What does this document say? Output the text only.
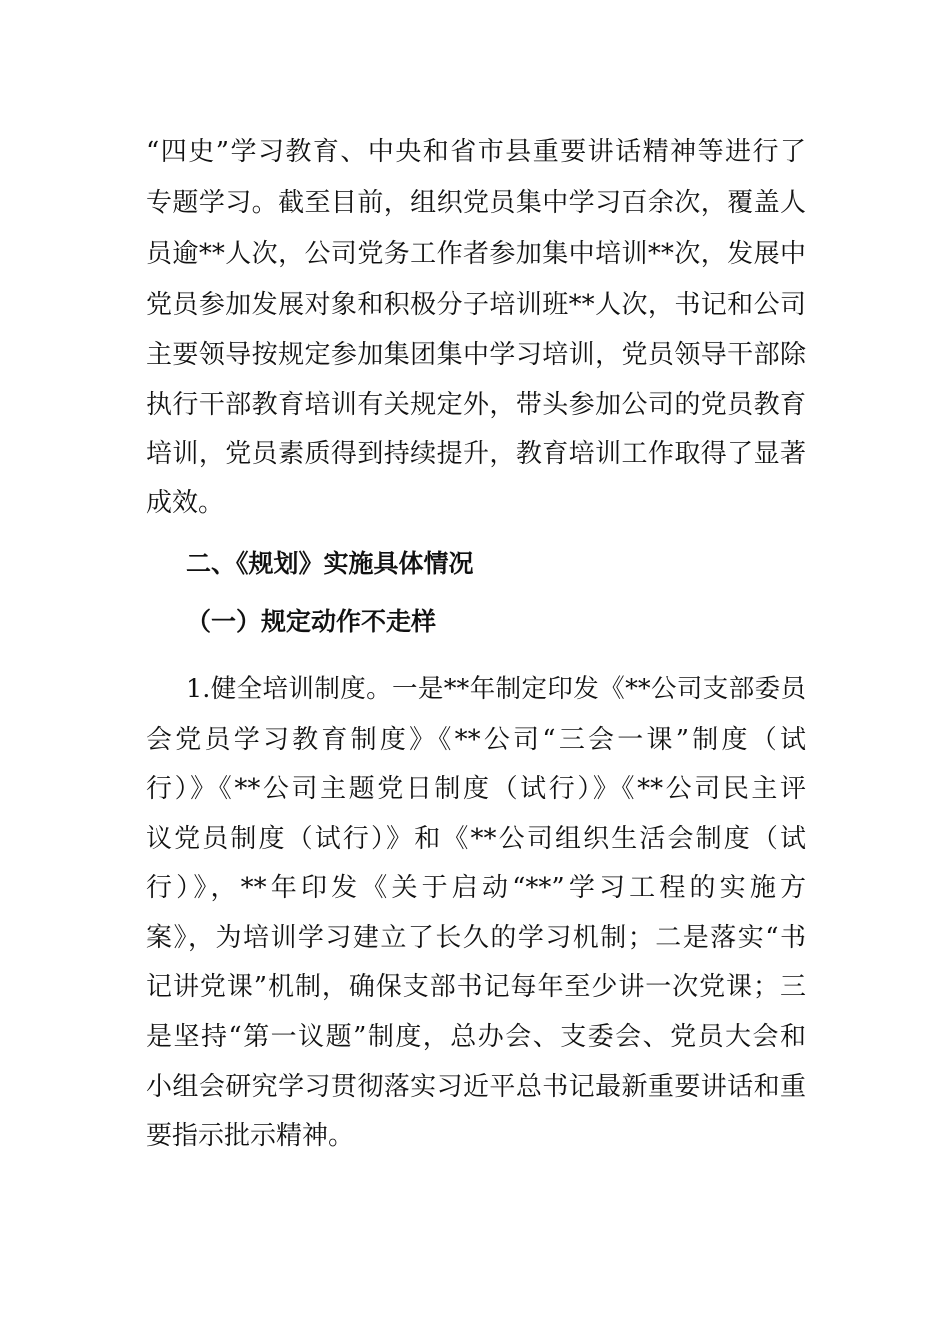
“四史”学习教育、中央和省市县重要讲话精神等进行了
专题学习。截至目前，组织党员集中学习百余次，覆盖人
员逾**人次，公司党务工作者参加集中培训**次，发展中
党员参加发展对象和积极分子培训班**人次，书记和公司
主要领导按规定参加集团集中学习培训，党员领导干部除
执行干部教育培训有关规定外，带头参加公司的党员教育
培训，党员素质得到持续提升，教育培训工作取得了显著
成效。
二、《规划》实施具体情况
（一）规定动作不走样
1.健全培训制度。一是**年制定印发《**公司支部委员
会党员学习教育制度》《**公司“三会一课”制度（试
行）》《**公司主题党日制度（试行）》《**公司民主评
议党员制度（试行）》和《**公司组织生活会制度（试
行）》，**年印发《关于启动“**”学习工程的实施方
案》，为培训学习建立了长久的学习机制；二是落实“书
记讲党课”机制，确保支部书记每年至少讲一次党课；三
是坚持“第一议题”制度，总办会、支委会、党员大会和
小组会研究学习贯彻落实习近平总书记最新重要讲话和重
要指示批示精神。
